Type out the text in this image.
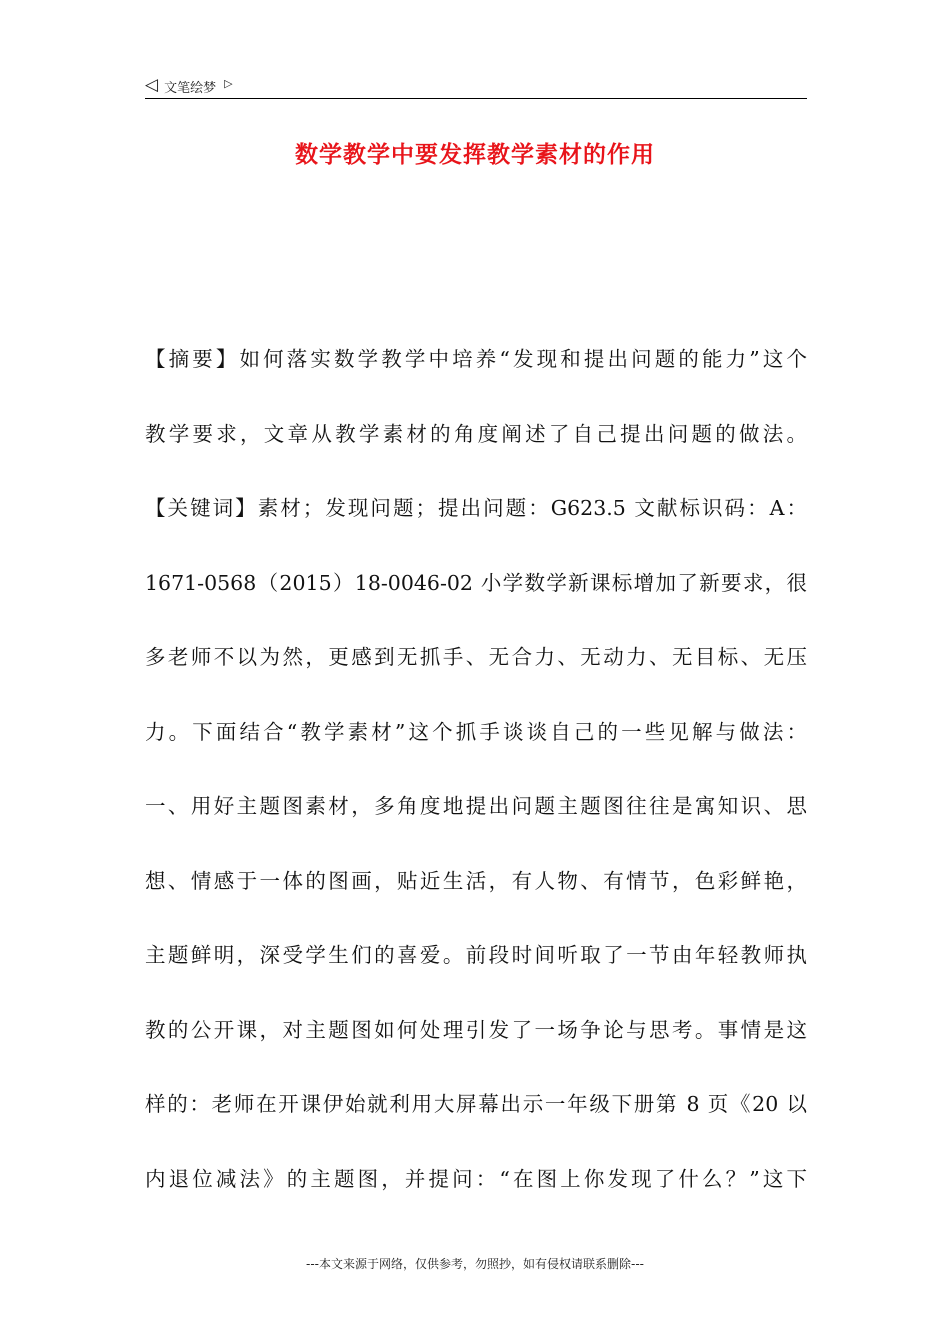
◁ 文笔绘梦 ▷
数学教学中要发挥教学素材的作用
【摘要】如何落实数学教学中培养“发现和提出问题的能力”这个
教学要求，文章从教学素材的角度阐述了自己提出问题的做法。
【关键词】素材；发现问题；提出问题：G623.5 文献标识码：A：
1671-0568（2015）18-0046-02 小学数学新课标增加了新要求，很
多老师不以为然，更感到无抓手、无合力、无动力、无目标、无压
力。下面结合“教学素材”这个抓手谈谈自己的一些见解与做法：
一、用好主题图素材，多角度地提出问题主题图往往是寓知识、思
想、情感于一体的图画，贴近生活，有人物、有情节，色彩鲜艳，
主题鲜明，深受学生们的喜爱。前段时间听取了一节由年轻教师执
教的公开课，对主题图如何处理引发了一场争论与思考。事情是这
样的：老师在开课伊始就利用大屏幕出示一年级下册第 8 页《20 以
内退位减法》的主题图，并提问：“在图上你发现了什么？”这下
---本文来源于网络，仅供参考，勿照抄，如有侵权请联系删除---
